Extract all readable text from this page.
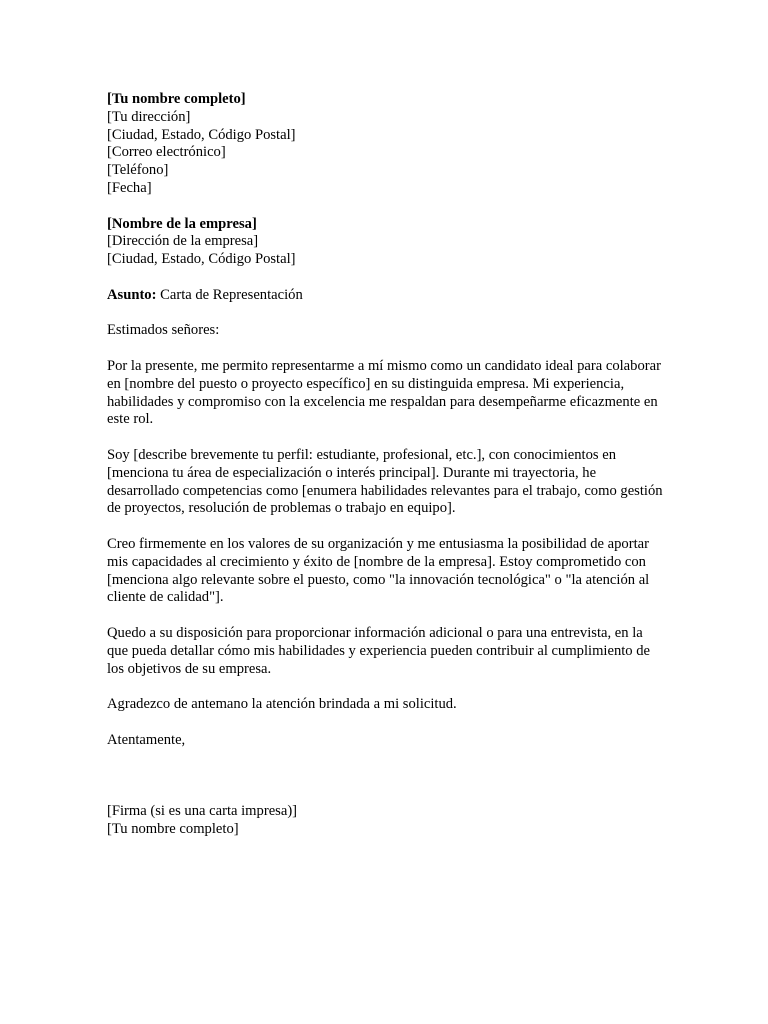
[Tu nombre completo]
[Tu dirección]
[Ciudad, Estado, Código Postal]
[Correo electrónico]
[Teléfono]
[Fecha]
[Nombre de la empresa]
[Dirección de la empresa]
[Ciudad, Estado, Código Postal]
Asunto: Carta de Representación
Estimados señores:

Por la presente, me permito representarme a mí mismo como un candidato ideal para colaborar en [nombre del puesto o proyecto específico] en su distinguida empresa. Mi experiencia, habilidades y compromiso con la excelencia me respaldan para desempeñarme eficazmente en este rol.

Soy [describe brevemente tu perfil: estudiante, profesional, etc.], con conocimientos en [menciona tu área de especialización o interés principal]. Durante mi trayectoria, he desarrollado competencias como [enumera habilidades relevantes para el trabajo, como gestión de proyectos, resolución de problemas o trabajo en equipo].

Creo firmemente en los valores de su organización y me entusiasma la posibilidad de aportar mis capacidades al crecimiento y éxito de [nombre de la empresa]. Estoy comprometido con [menciona algo relevante sobre el puesto, como "la innovación tecnológica" o "la atención al cliente de calidad"].

Quedo a su disposición para proporcionar información adicional o para una entrevista, en la que pueda detallar cómo mis habilidades y experiencia pueden contribuir al cumplimiento de los objetivos de su empresa.

Agradezco de antemano la atención brindada a mi solicitud.

Atentamente,
[Firma (si es una carta impresa)]
[Tu nombre completo]
